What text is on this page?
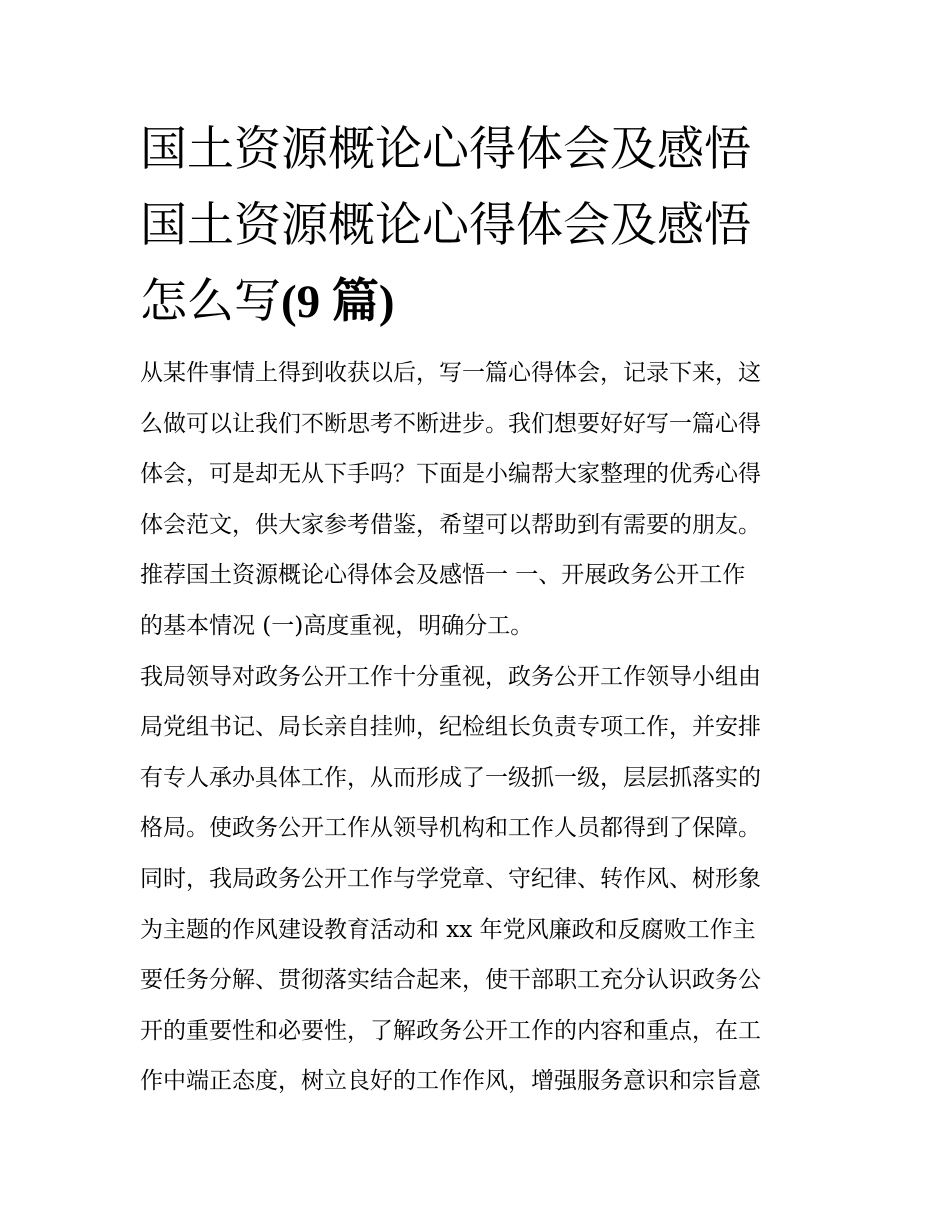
国土资源概论心得体会及感悟
国土资源概论心得体会及感悟
怎么写(9 篇)
从某件事情上得到收获以后，写一篇心得体会，记录下来，这
么做可以让我们不断思考不断进步。我们想要好好写一篇心得
体会，可是却无从下手吗？下面是小编帮大家整理的优秀心得
体会范文，供大家参考借鉴，希望可以帮助到有需要的朋友。
推荐国土资源概论心得体会及感悟一 一、开展政务公开工作
的基本情况 (一)高度重视，明确分工。
我局领导对政务公开工作十分重视，政务公开工作领导小组由
局党组书记、局长亲自挂帅，纪检组长负责专项工作，并安排
有专人承办具体工作，从而形成了一级抓一级，层层抓落实的
格局。使政务公开工作从领导机构和工作人员都得到了保障。
同时，我局政务公开工作与学党章、守纪律、转作风、树形象
为主题的作风建设教育活动和 xx 年党风廉政和反腐败工作主
要任务分解、贯彻落实结合起来，使干部职工充分认识政务公
开的重要性和必要性，了解政务公开工作的内容和重点，在工
作中端正态度，树立良好的工作作风，增强服务意识和宗旨意
